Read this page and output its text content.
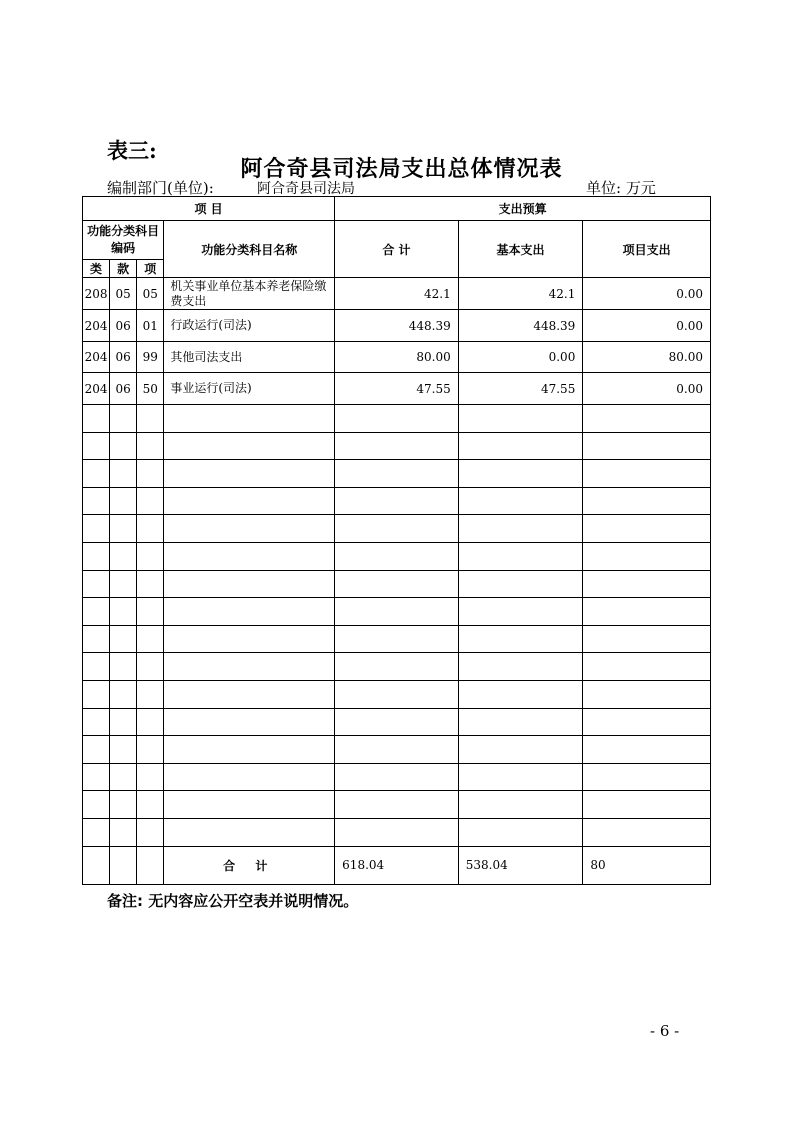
表三:
阿合奇县司法局支出总体情况表
编制部门(单位):	阿合奇县司法局	单位: 万元
项 目				支出预算		
功能分类科目编码			功能分类科目名称	合 计	基本支出	项目支出
类	款	项				
208	05	05	机关事业单位基本养老保险缴费支出	42.1	42.1	0.00
204	06	01	行政运行(司法)	448.39	448.39	0.00
204	06	99	其他司法支出	80.00	0.00	80.00
204	06	50	事业运行(司法)	47.55	47.55	0.00

			合 计	618.04	538.04	80
备注: 无内容应公开空表并说明情况。
- 6 -
